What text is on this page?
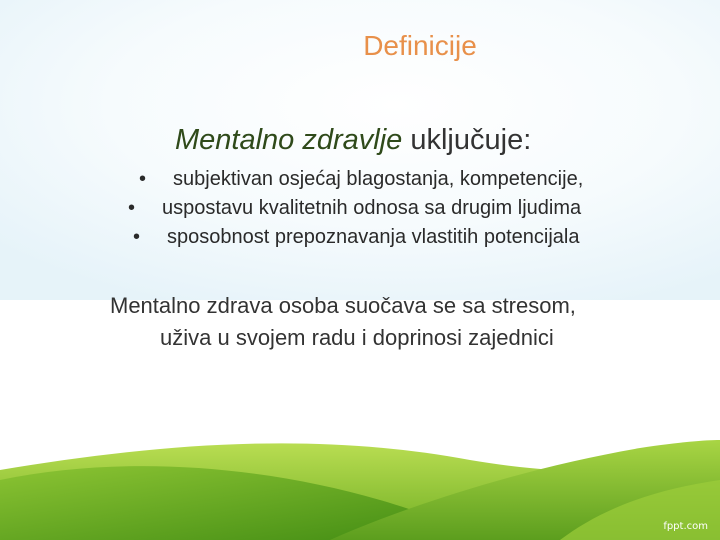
Definicije
Mentalno zdravlje uključuje:
• subjektivan osjećaj blagostanja, kompetencije,
• uspostavu kvalitetnih odnosa sa drugim ljudima
• sposobnost prepoznavanja vlastitih potencijala
Mentalno zdrava osoba suočava se sa stresom,
uživa u svojem radu i doprinosi zajednici
fppt.com
